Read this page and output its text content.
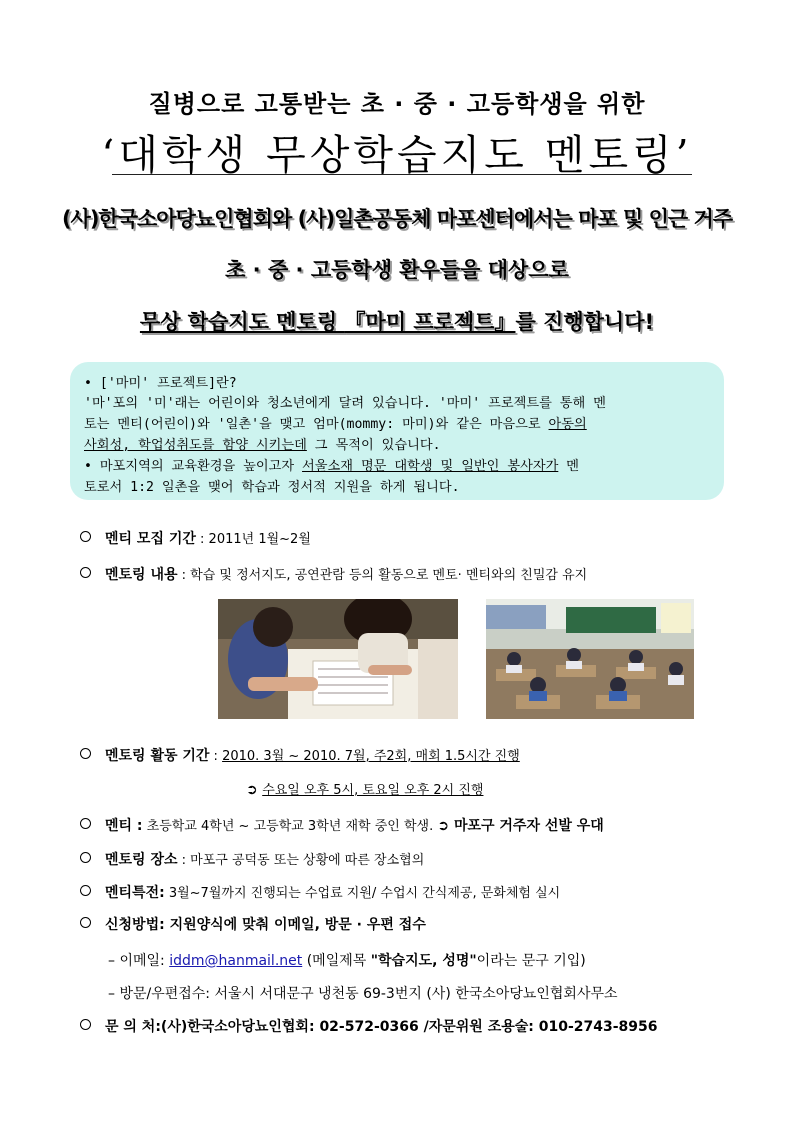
질병으로 고통받는 초 · 중 · 고등학생을 위한
‘대학생 무상학습지도 멘토링’
(사)한국소아당뇨인협회와 (사)일촌공동체 마포센터에서는 마포 및 인근 거주
초 · 중 · 고등학생 환우들을 대상으로
무상 학습지도 멘토링 『마미 프로젝트』를 진행합니다!
• ['마미' 프로젝트]란?
'마'포의 '미'래는 어린이와 청소년에게 달려 있습니다. '마미' 프로젝트를 통해 멘
토는 멘티(어린이)와 '일촌'을 맺고 엄마(mommy: 마미)와 같은 마음으로 아동의
사회성, 학업성취도를 함양 시키는데 그 목적이 있습니다.
• 마포지역의 교육환경을 높이고자 서울소재 명문 대학생 및 일반인 봉사자가 멘
토로서 1:2 일촌을 맺어 학습과 정서적 지원을 하게 됩니다.
멘티 모집 기간 : 2011년 1월~2월
멘토링 내용 : 학습 및 정서지도, 공연관람 등의 활동으로 멘토· 멘티와의 친밀감 유지
멘토링 활동 기간 : 2010. 3월 ~ 2010. 7월, 주2회, 매회 1.5시간 진행
➲ 수요일 오후 5시, 토요일 오후 2시 진행
멘티 : 초등학교 4학년 ~ 고등학교 3학년 재학 중인 학생. ➲ 마포구 거주자 선발 우대
멘토링 장소 : 마포구 공덕동 또는 상황에 따른 장소협의
멘티특전: 3월~7월까지 진행되는 수업료 지원/ 수업시 간식제공, 문화체험 실시
신청방법: 지원양식에 맞춰 이메일, 방문 · 우편 접수
– 이메일: iddm@hanmail.net (메일제목 "학습지도, 성명"이라는 문구 기입)
– 방문/우편접수: 서울시 서대문구 냉천동 69-3번지 (사) 한국소아당뇨인협회사무소
문 의 처:(사)한국소아당뇨인협회: 02-572-0366 /자문위원 조용술: 010-2743-8956
